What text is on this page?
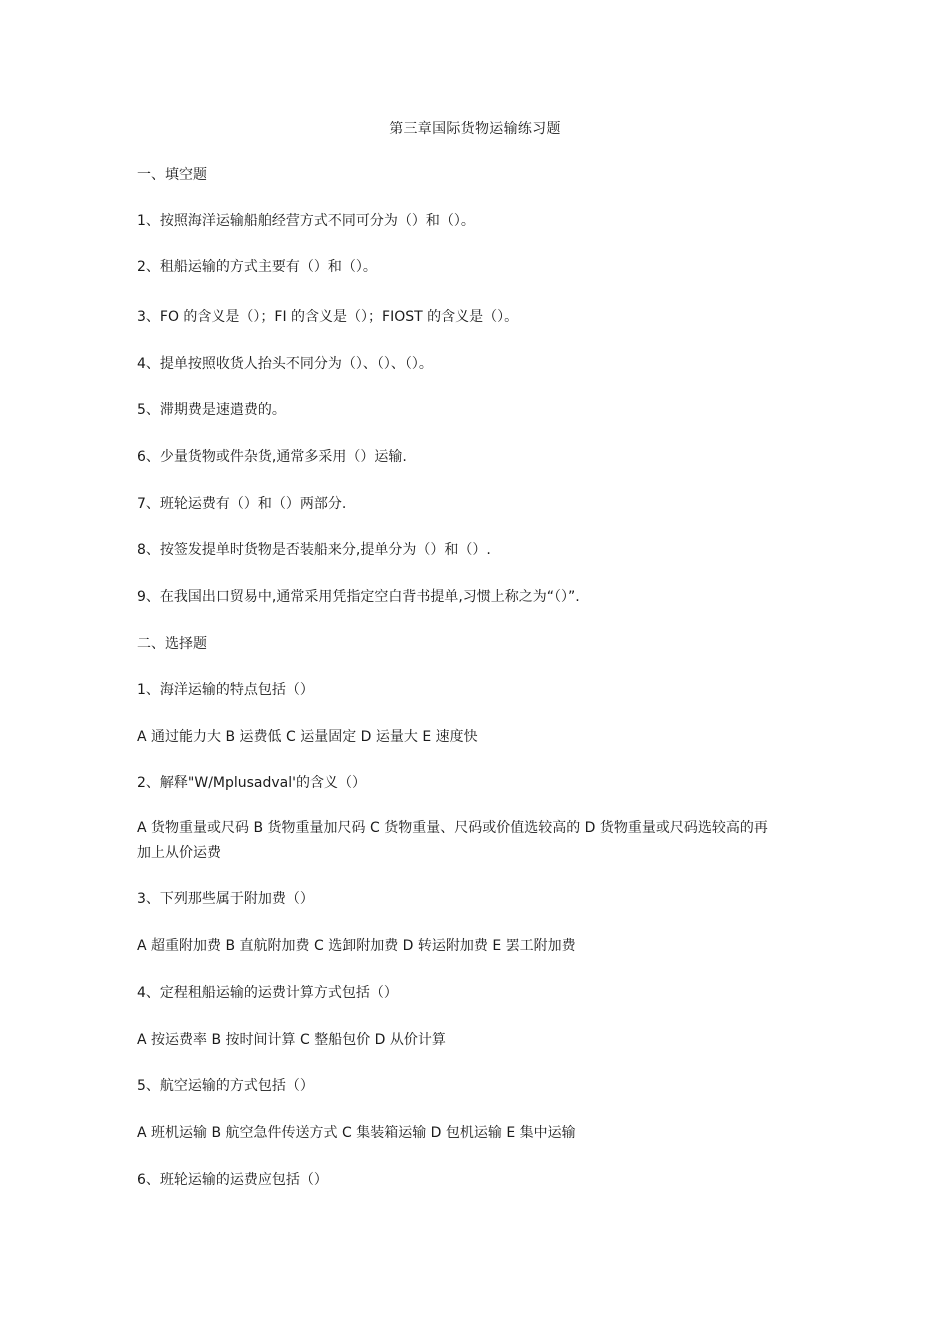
第三章国际货物运输练习题
一、填空题
1、按照海洋运输船舶经营方式不同可分为（）和（）。
2、租船运输的方式主要有（）和（）。
3、FO 的含义是（）；FI 的含义是（）；FIOST 的含义是（）。
4、提单按照收货人抬头不同分为（）、（）、（）。
5、滞期费是速遣费的。
6、少量货物或件杂货,通常多采用（）运输.
7、班轮运费有（）和（）两部分.
8、按签发提单时货物是否装船来分,提单分为（）和（）.
9、在我国出口贸易中,通常采用凭指定空白背书提单,习惯上称之为“（）”.
二、选择题
1、海洋运输的特点包括（）
A 通过能力大 B 运费低 C 运量固定 D 运量大 E 速度快
2、解释"W/Mplusadval'的含义（）
A 货物重量或尺码 B 货物重量加尺码 C 货物重量、尺码或价值选较高的 D 货物重量或尺码选较高的再加上从价运费
3、下列那些属于附加费（）
A 超重附加费 B 直航附加费 C 选卸附加费 D 转运附加费 E 罢工附加费
4、定程租船运输的运费计算方式包括（）
A 按运费率 B 按时间计算 C 整船包价 D 从价计算
5、航空运输的方式包括（）
A 班机运输 B 航空急件传送方式 C 集装箱运输 D 包机运输 E 集中运输
6、班轮运输的运费应包括（）
